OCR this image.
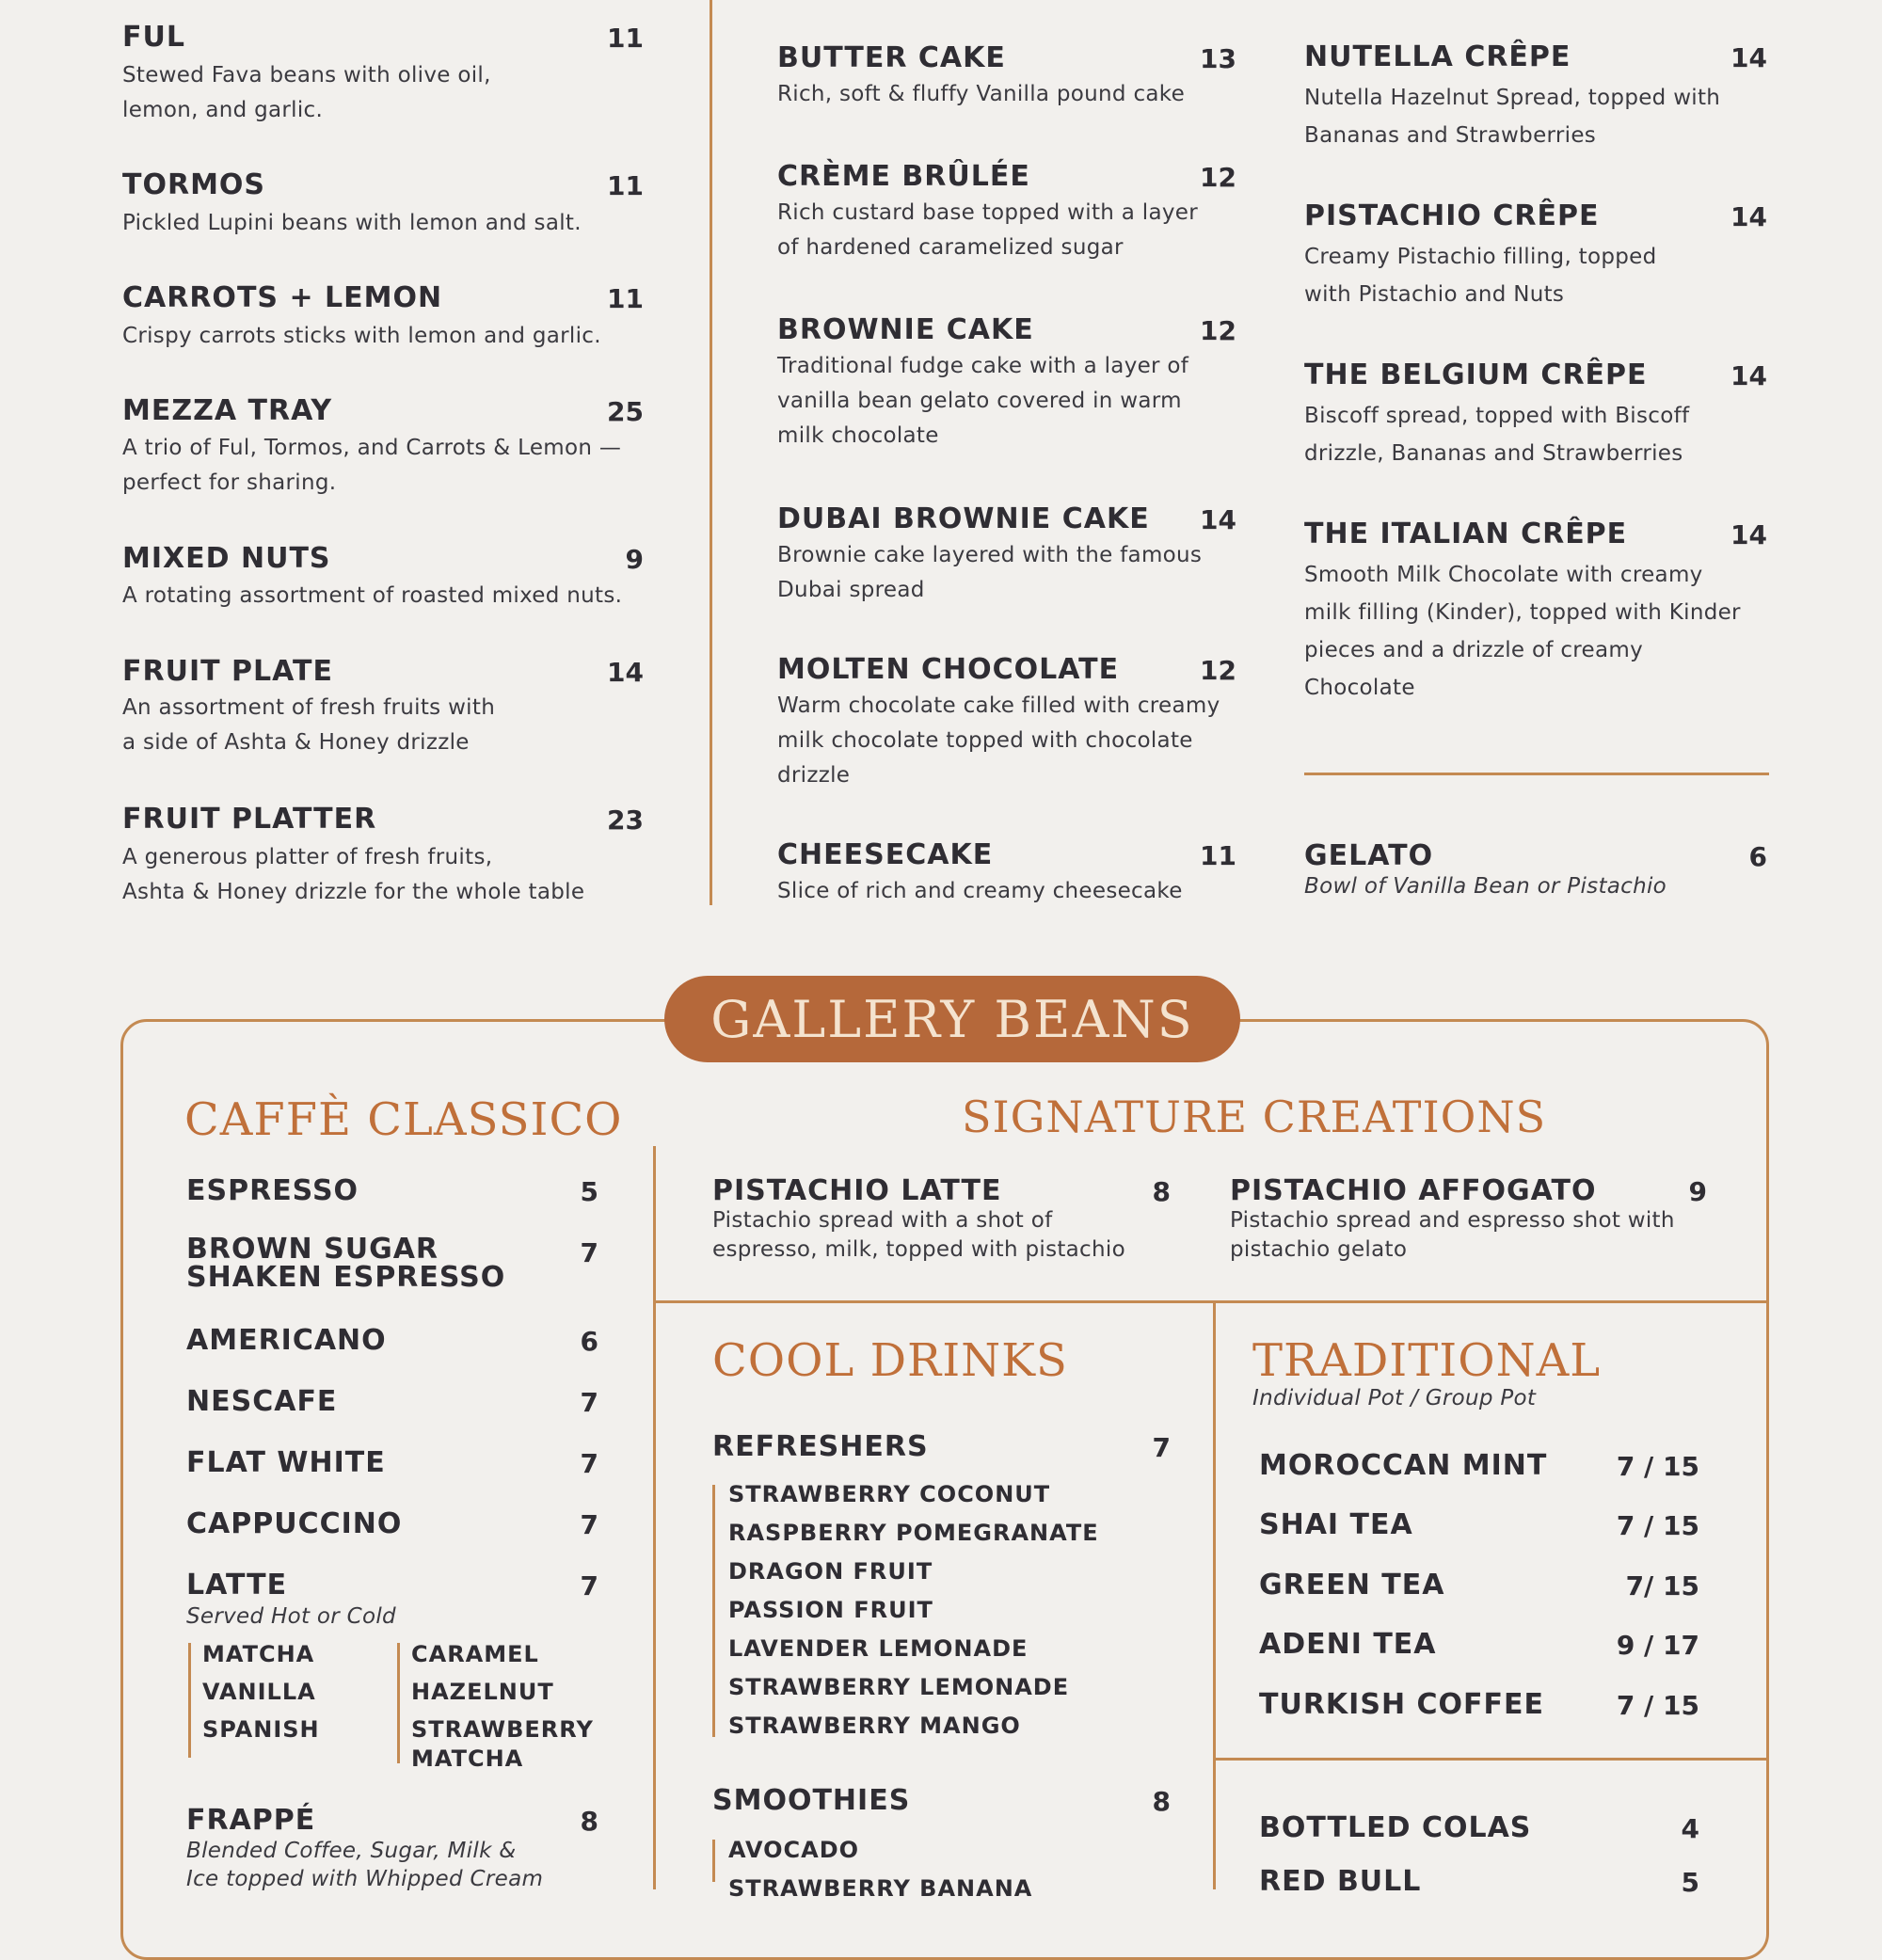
FUL	11
Stewed Fava beans with olive oil,
lemon, and garlic.
TORMOS	11
Pickled Lupini beans with lemon and salt.
CARROTS + LEMON	11
Crispy carrots sticks with lemon and garlic.
MEZZA TRAY	25
A trio of Ful, Tormos, and Carrots & Lemon —
perfect for sharing.
MIXED NUTS	9
A rotating assortment of roasted mixed nuts.
FRUIT PLATE	14
An assortment of fresh fruits with
a side of Ashta & Honey drizzle
FRUIT PLATTER	23
A generous platter of fresh fruits,
Ashta & Honey drizzle for the whole table
BUTTER CAKE	13
Rich, soft & fluffy Vanilla pound cake
CRÈME BRÛLÉE	12
Rich custard base topped with a layer
of hardened caramelized sugar
BROWNIE CAKE	12
Traditional fudge cake with a layer of
vanilla bean gelato covered in warm
milk chocolate
DUBAI BROWNIE CAKE	14
Brownie cake layered with the famous
Dubai spread
MOLTEN CHOCOLATE	12
Warm chocolate cake filled with creamy
milk chocolate topped with chocolate
drizzle
CHEESECAKE	11
Slice of rich and creamy cheesecake
NUTELLA CRÊPE	14
Nutella Hazelnut Spread, topped with
Bananas and Strawberries
PISTACHIO CRÊPE	14
Creamy Pistachio filling, topped
with Pistachio and Nuts
THE BELGIUM CRÊPE	14
Biscoff spread, topped with Biscoff
drizzle, Bananas and Strawberries
THE ITALIAN CRÊPE	14
Smooth Milk Chocolate with creamy
milk filling (Kinder), topped with Kinder
pieces and a drizzle of creamy
Chocolate
GELATO	6
Bowl of Vanilla Bean or Pistachio
GALLERY BEANS
CAFFÈ CLASSICO
ESPRESSO	5
BROWN SUGAR
SHAKEN ESPRESSO
7
AMERICANO	6
NESCAFE	7
FLAT WHITE	7
CAPPUCCINO	7
LATTE	7
Served Hot or Cold
MATCHA
VANILLA
SPANISH
CARAMEL
HAZELNUT
STRAWBERRY
MATCHA
FRAPPÉ	8
Blended Coffee, Sugar, Milk &
Ice topped with Whipped Cream
SIGNATURE CREATIONS
PISTACHIO LATTE	8
Pistachio spread with a shot of
espresso, milk, topped with pistachio
PISTACHIO AFFOGATO	9
Pistachio spread and espresso shot with
pistachio gelato
COOL DRINKS
REFRESHERS	7
STRAWBERRY COCONUT
RASPBERRY POMEGRANATE
DRAGON FRUIT
PASSION FRUIT
LAVENDER LEMONADE
STRAWBERRY LEMONADE
STRAWBERRY MANGO
SMOOTHIES	8
AVOCADO
STRAWBERRY BANANA
TRADITIONAL
Individual Pot / Group Pot
MOROCCAN MINT	7 / 15
SHAI TEA	7 / 15
GREEN TEA	7/ 15
ADENI TEA	9 / 17
TURKISH COFFEE	7 / 15
BOTTLED COLAS	4
RED BULL	5
